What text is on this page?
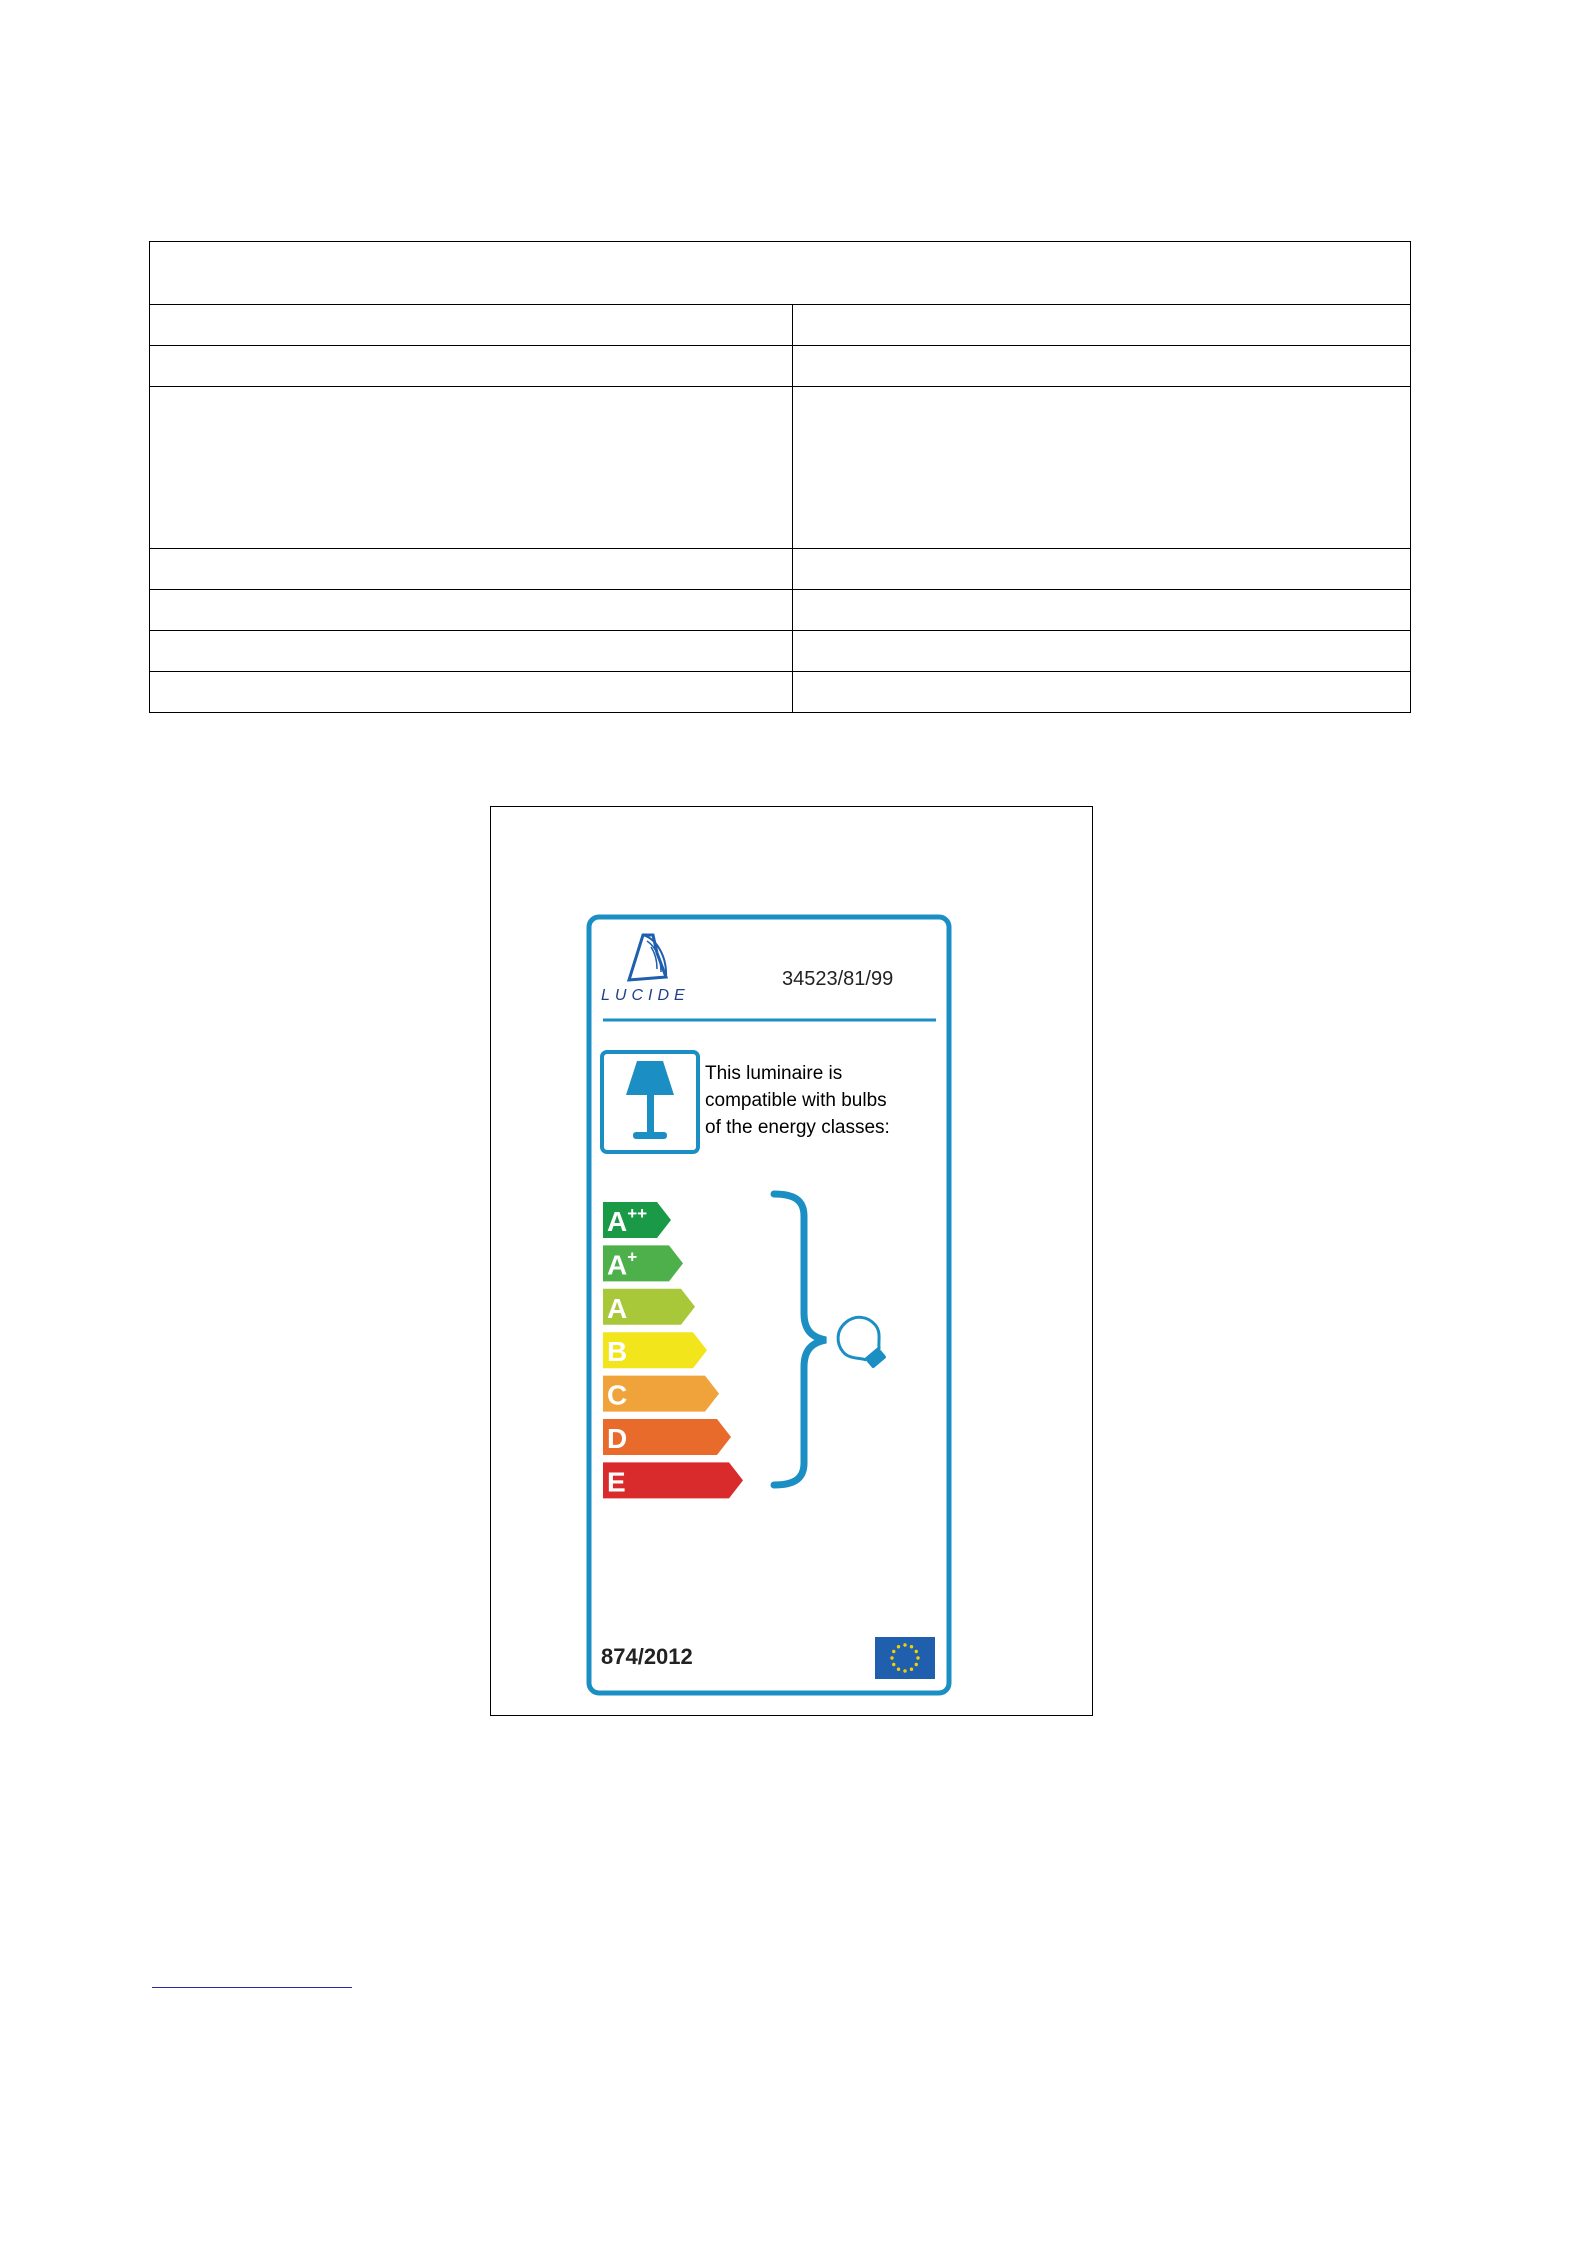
LUCIDE
34523/81/99
This luminaire is
compatible with bulbs
of the energy classes:
A++
A+
A
B
C
D
E
874/2012
